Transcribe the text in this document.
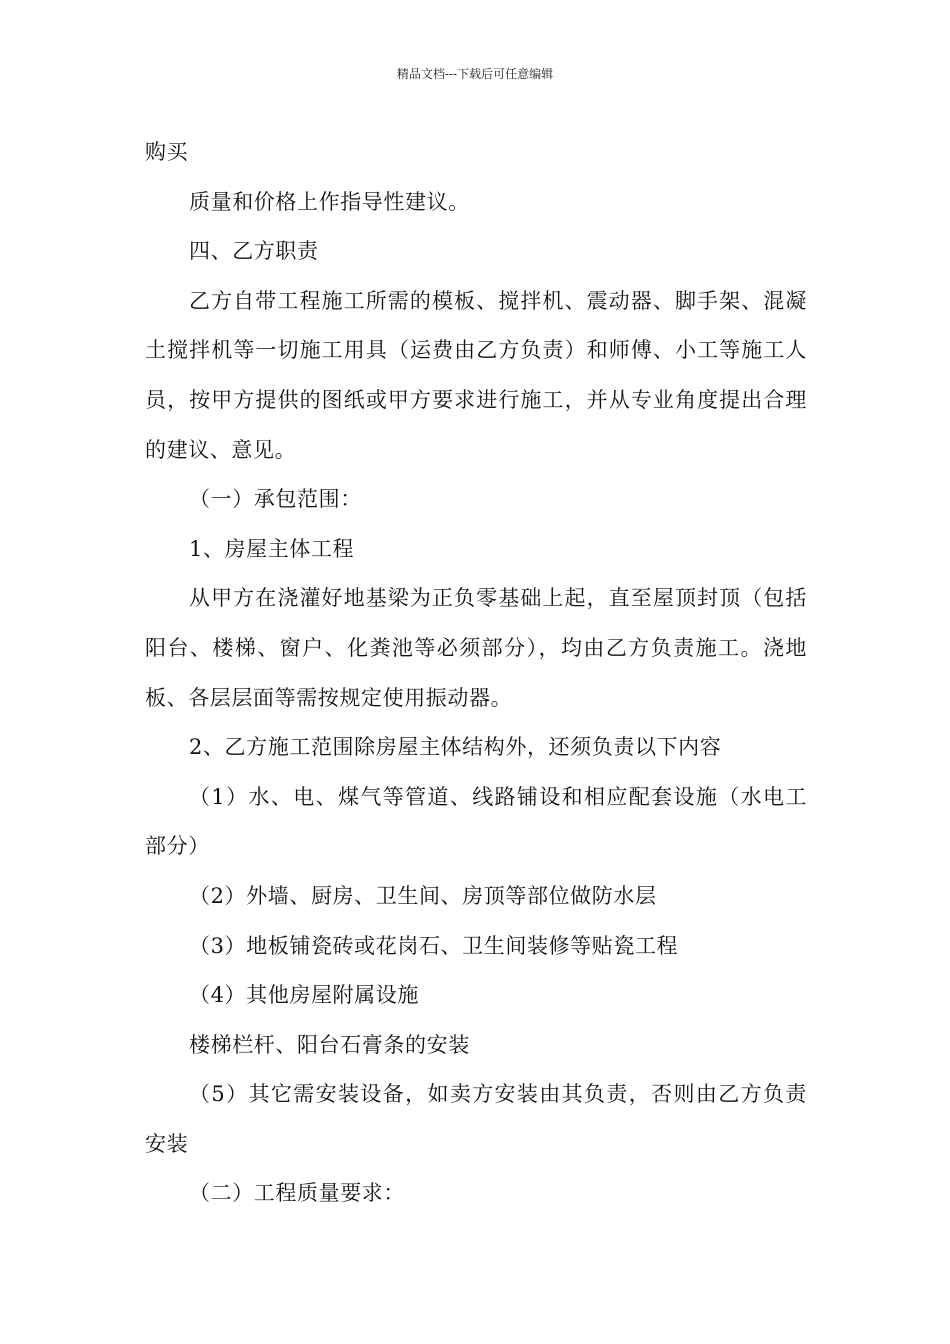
精品文档---下载后可任意编辑

购买

质量和价格上作指导性建议。

四、乙方职责

乙方自带工程施工所需的模板、搅拌机、震动器、脚手架、混凝土搅拌机等一切施工用具（运费由乙方负责）和师傅、小工等施工人员，按甲方提供的图纸或甲方要求进行施工，并从专业角度提出合理的建议、意见。

（一）承包范围：

1、房屋主体工程

从甲方在浇灌好地基梁为正负零基础上起，直至屋顶封顶（包括阳台、楼梯、窗户、化粪池等必须部分），均由乙方负责施工。浇地板、各层层面等需按规定使用振动器。

2、乙方施工范围除房屋主体结构外，还须负责以下内容

（1）水、电、煤气等管道、线路铺设和相应配套设施（水电工部分）

（2）外墙、厨房、卫生间、房顶等部位做防水层

（3）地板铺瓷砖或花岗石、卫生间装修等贴瓷工程

（4）其他房屋附属设施

楼梯栏杆、阳台石膏条的安装

（5）其它需安装设备，如卖方安装由其负责，否则由乙方负责安装

（二）工程质量要求：
